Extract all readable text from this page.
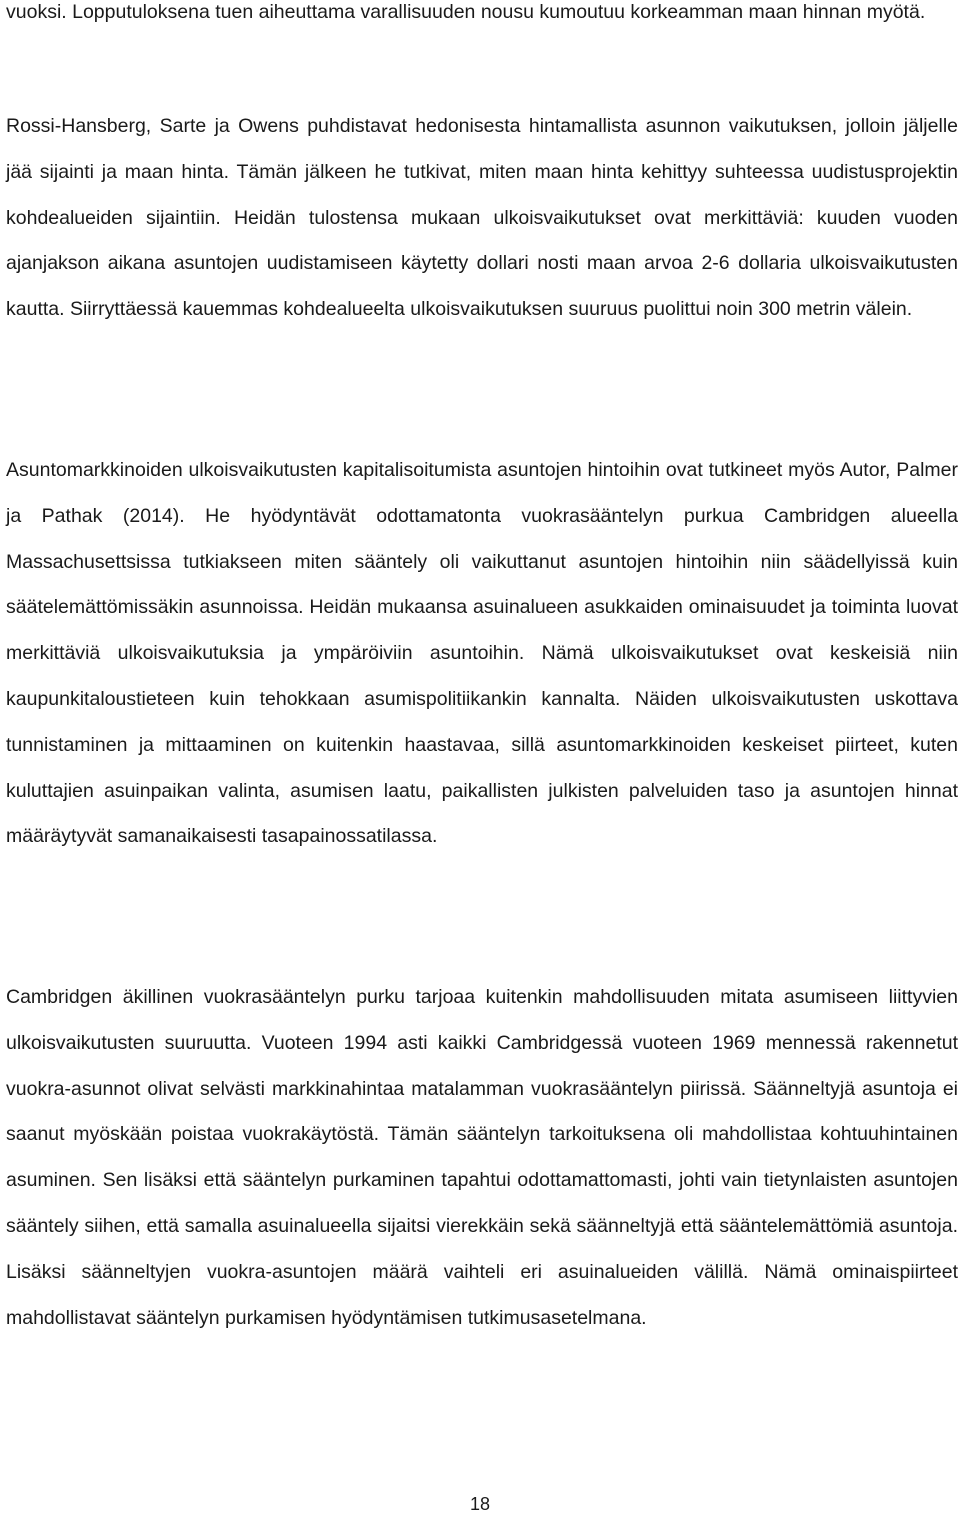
vuoksi. Lopputuloksena tuen aiheuttama varallisuuden nousu kumoutuu korkeamman maan hinnan myötä.

Rossi-Hansberg, Sarte ja Owens puhdistavat hedonisesta hintamallista asunnon vaikutuksen, jolloin jäljelle jää sijainti ja maan hinta. Tämän jälkeen he tutkivat, miten maan hinta kehittyy suhteessa uudistusprojektin kohdealueiden sijaintiin. Heidän tulostensa mukaan ulkoisvaikutukset ovat merkittäviä: kuuden vuoden ajanjakson aikana asuntojen uudistamiseen käytetty dollari nosti maan arvoa 2-6 dollaria ulkoisvaikutusten kautta. Siirryttäessä kauemmas kohdealueelta ulkoisvaikutuksen suuruus puolittui noin 300 metrin välein.

Asuntomarkkinoiden ulkoisvaikutusten kapitalisoitumista asuntojen hintoihin ovat tutkineet myös Autor, Palmer ja Pathak (2014). He hyödyntävät odottamatonta vuokrasääntelyn purkua Cambridgen alueella Massachusettsissa tutkiakseen miten sääntely oli vaikuttanut asuntojen hintoihin niin säädellyissä kuin säätelemättömissäkin asunnoissa. Heidän mukaansa asuinalueen asukkaiden ominaisuudet ja toiminta luovat merkittäviä ulkoisvaikutuksia ja ympäröiviin asuntoihin. Nämä ulkoisvaikutukset ovat keskeisiä niin kaupunkitaloustieteen kuin tehokkaan asumispolitiikankin kannalta. Näiden ulkoisvaikutusten uskottava tunnistaminen ja mittaaminen on kuitenkin haastavaa, sillä asuntomarkkinoiden keskeiset piirteet, kuten kuluttajien asuinpaikan valinta, asumisen laatu, paikallisten julkisten palveluiden taso ja asuntojen hinnat määräytyvät samanaikaisesti tasapainossatilassa.

Cambridgen äkillinen vuokrasääntelyn purku tarjoaa kuitenkin mahdollisuuden mitata asumiseen liittyvien ulkoisvaikutusten suuruutta. Vuoteen 1994 asti kaikki Cambridgessä vuoteen 1969 mennessä rakennetut vuokra-asunnot olivat selvästi markkinahintaa matalamman vuokrasääntelyn piirissä. Säänneltyjä asuntoja ei saanut myöskään poistaa vuokrakäytöstä. Tämän sääntelyn tarkoituksena oli mahdollistaa kohtuuhintainen asuminen. Sen lisäksi että sääntelyn purkaminen tapahtui odottamattomasti, johti vain tietynlaisten asuntojen sääntely siihen, että samalla asuinalueella sijaitsi vierekkäin sekä säänneltyjä että sääntelemättömiä asuntoja. Lisäksi säänneltyjen vuokra-asuntojen määrä vaihteli eri asuinalueiden välillä. Nämä ominaispiirteet mahdollistavat sääntelyn purkamisen hyödyntämisen tutkimusasetelmana.

18
